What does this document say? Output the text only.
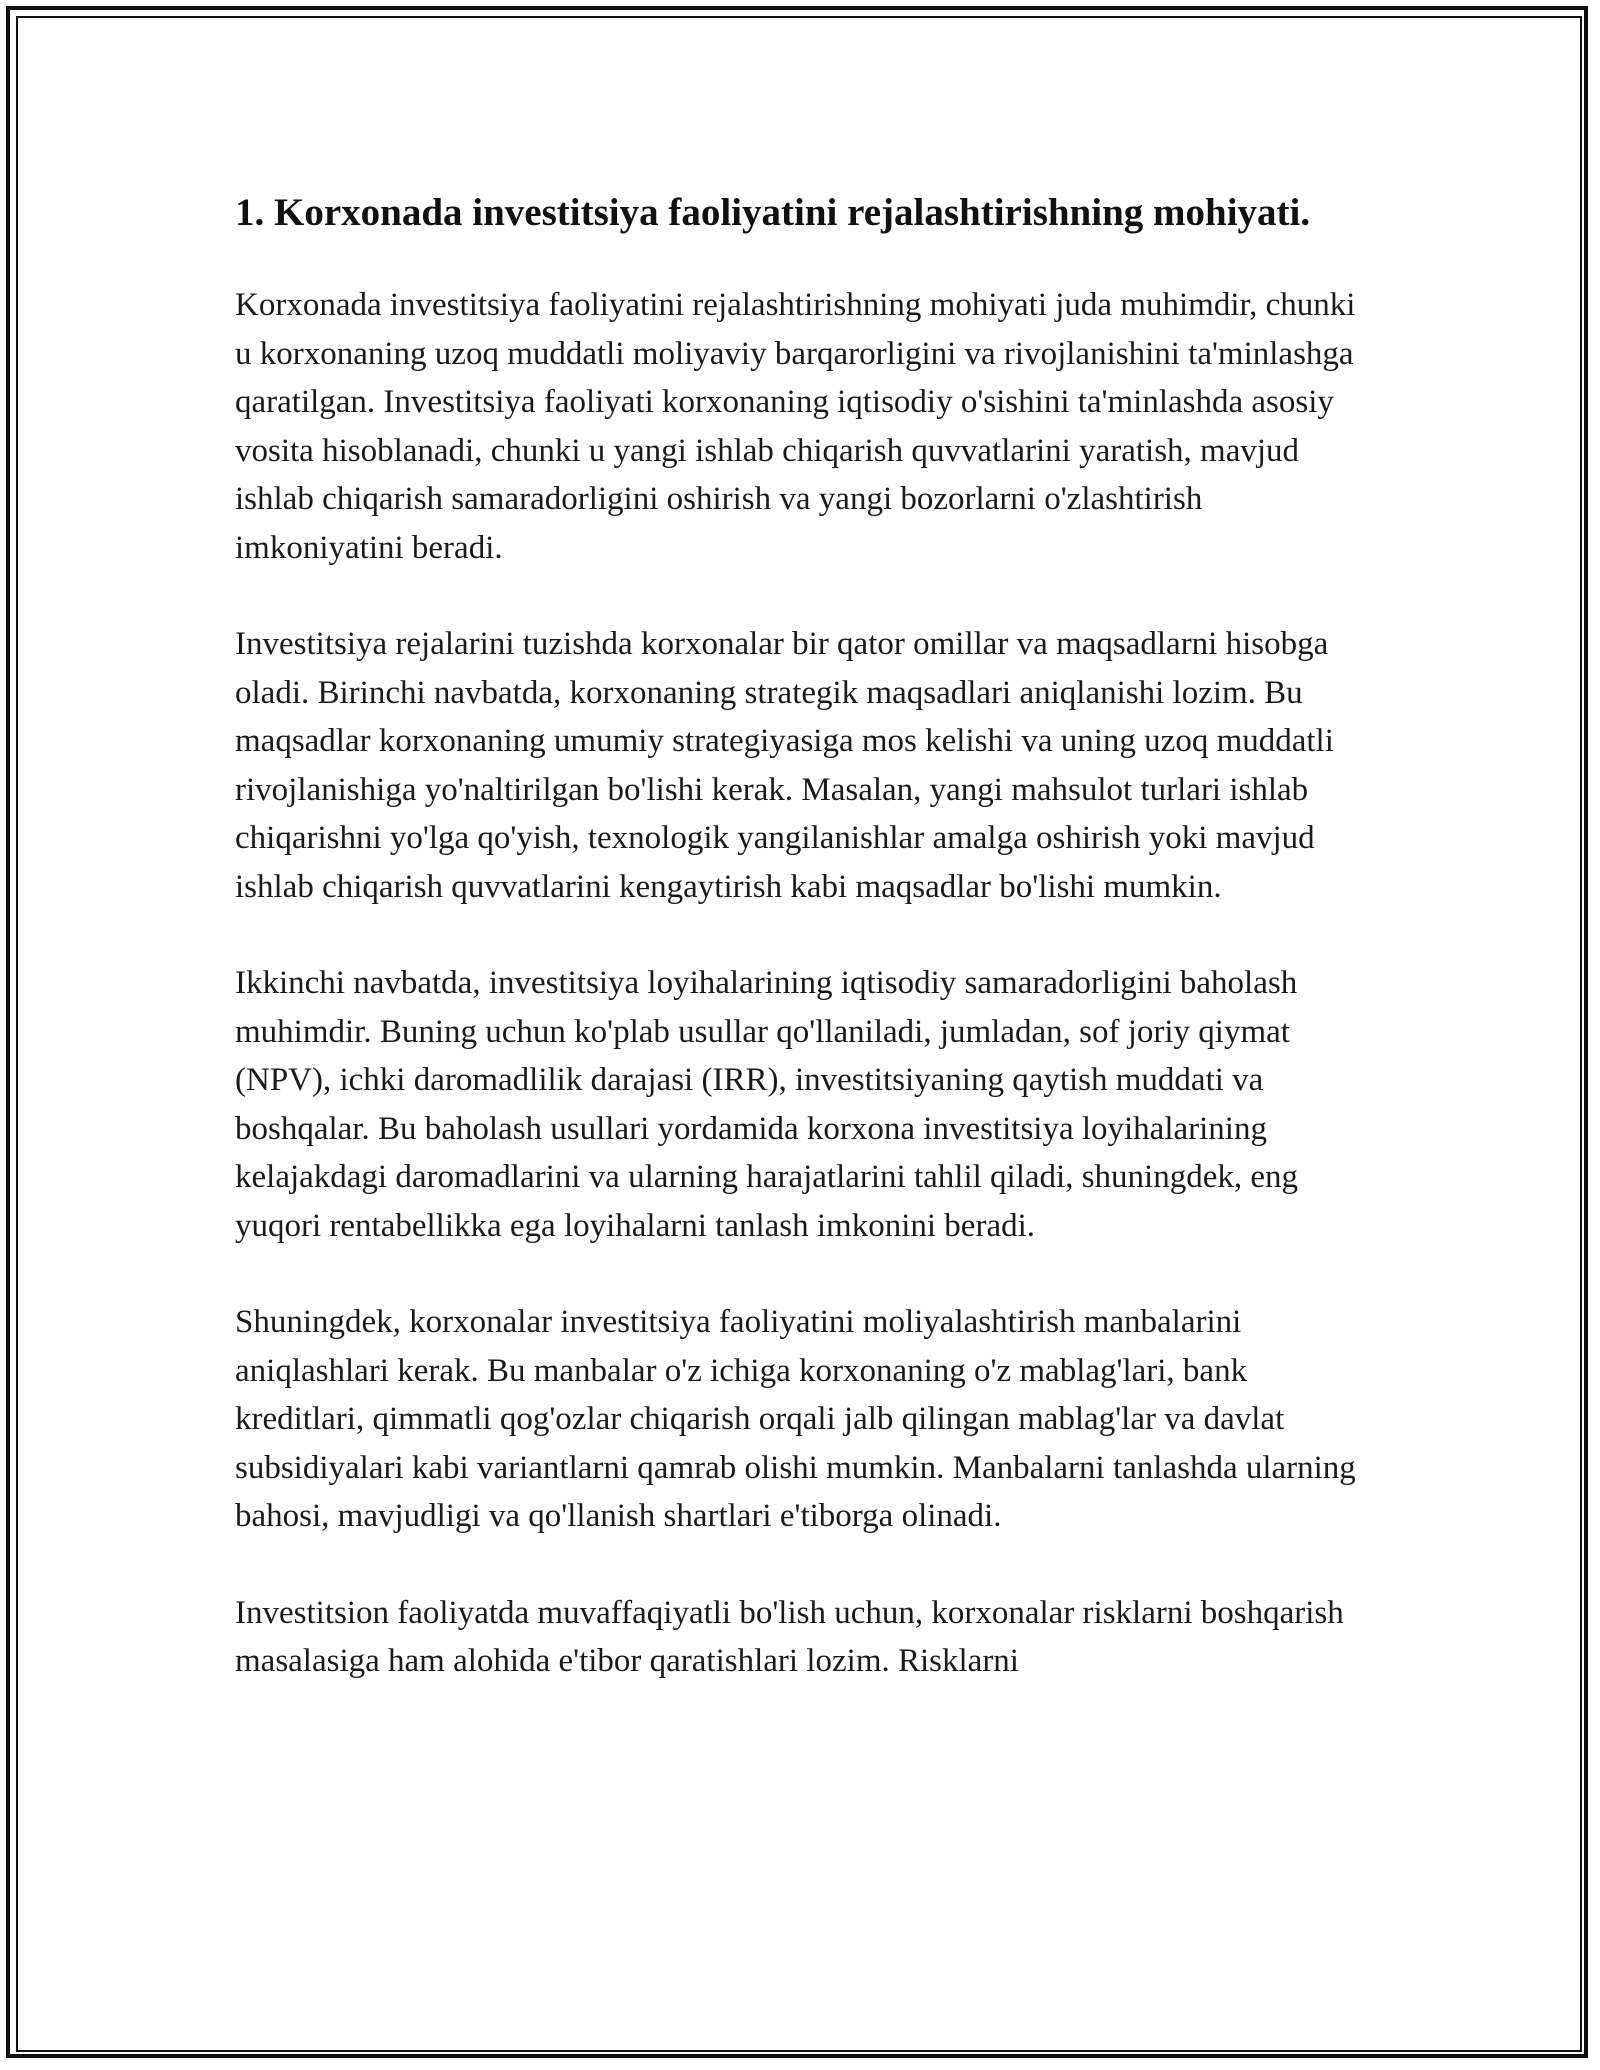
1. Korxonada investitsiya faoliyatini rejalashtirishning mohiyati.

Korxonada investitsiya faoliyatini rejalashtirishning mohiyati juda muhimdir, chunki u korxonaning uzoq muddatli moliyaviy barqarorligini va rivojlanishini ta'minlashga qaratilgan. Investitsiya faoliyati korxonaning iqtisodiy o'sishini ta'minlashda asosiy vosita hisoblanadi, chunki u yangi ishlab chiqarish quvvatlarini yaratish, mavjud ishlab chiqarish samaradorligini oshirish va yangi bozorlarni o'zlashtirish imkoniyatini beradi.

Investitsiya rejalarini tuzishda korxonalar bir qator omillar va maqsadlarni hisobga oladi. Birinchi navbatda, korxonaning strategik maqsadlari aniqlanishi lozim. Bu maqsadlar korxonaning umumiy strategiyasiga mos kelishi va uning uzoq muddatli rivojlanishiga yo'naltirilgan bo'lishi kerak. Masalan, yangi mahsulot turlari ishlab chiqarishni yo'lga qo'yish, texnologik yangilanishlar amalga oshirish yoki mavjud ishlab chiqarish quvvatlarini kengaytirish kabi maqsadlar bo'lishi mumkin.

Ikkinchi navbatda, investitsiya loyihalarining iqtisodiy samaradorligini baholash muhimdir. Buning uchun ko'plab usullar qo'llaniladi, jumladan, sof joriy qiymat (NPV), ichki daromadlilik darajasi (IRR), investitsiyaning qaytish muddati va boshqalar. Bu baholash usullari yordamida korxona investitsiya loyihalarining kelajakdagi daromadlarini va ularning harajatlarini tahlil qiladi, shuningdek, eng yuqori rentabellikka ega loyihalarni tanlash imkonini beradi.

Shuningdek, korxonalar investitsiya faoliyatini moliyalashtirish manbalarini aniqlashlari kerak. Bu manbalar o'z ichiga korxonaning o'z mablag'lari, bank kreditlari, qimmatli qog'ozlar chiqarish orqali jalb qilingan mablag'lar va davlat subsidiyalari kabi variantlarni qamrab olishi mumkin. Manbalarni tanlashda ularning bahosi, mavjudligi va qo'llanish shartlari e'tiborga olinadi.

Investitsion faoliyatda muvaffaqiyatli bo'lish uchun, korxonalar risklarni boshqarish masalasiga ham alohida e'tibor qaratishlari lozim. Risklarni
